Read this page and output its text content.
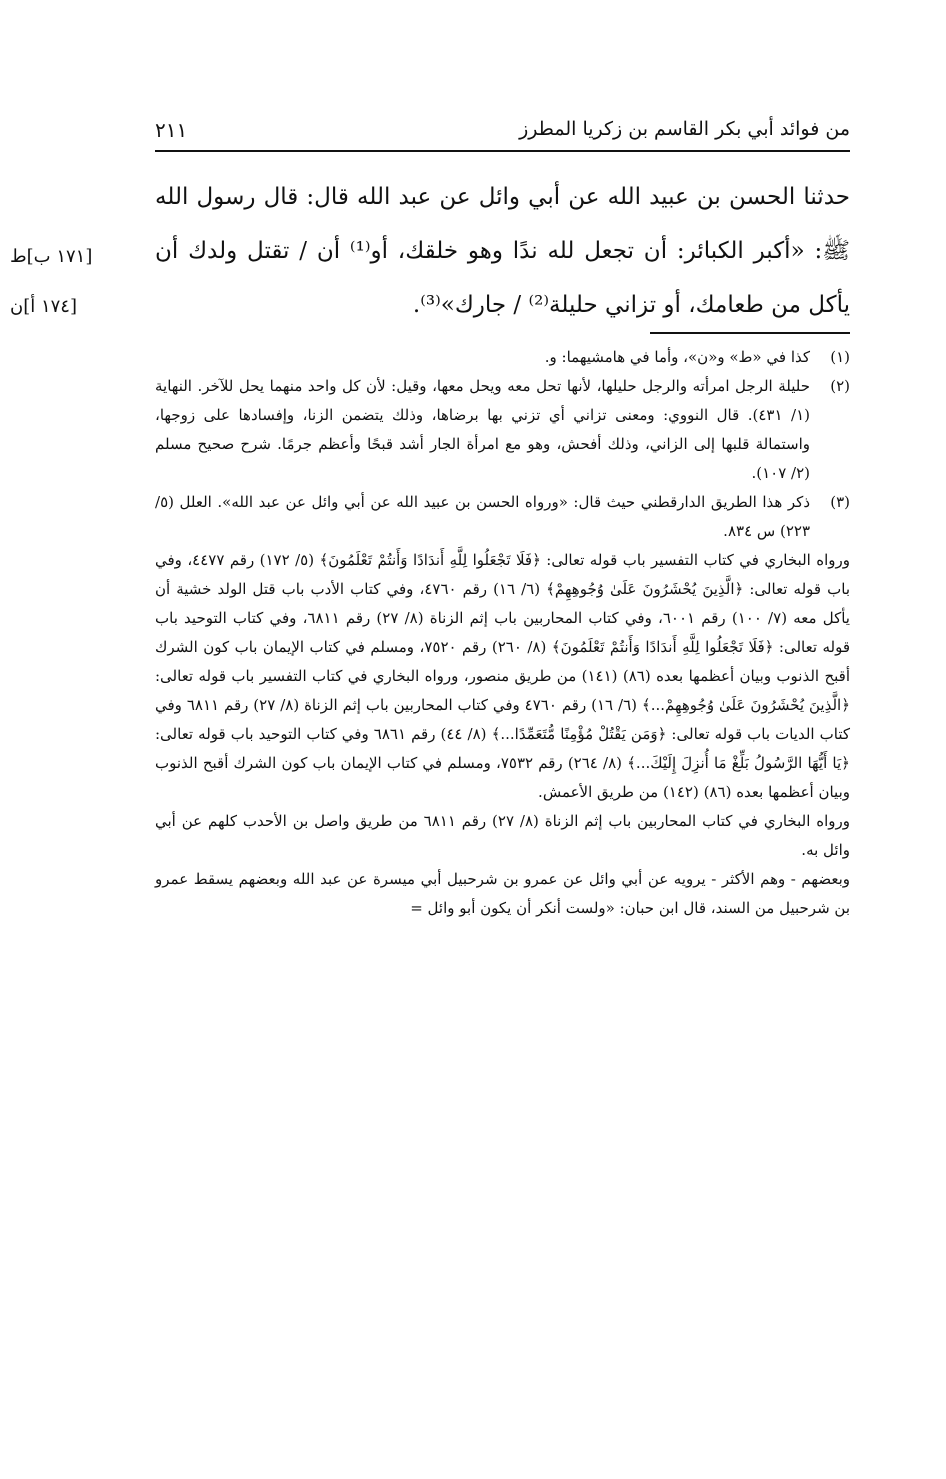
من فوائد أبي بكر القاسم بن زكريا المطرز
٢١١

حدثنا الحسن بن عبيد الله عن أبي وائل عن عبد الله قال: قال رسول الله ﷺ: «أكبر الكبائر: أن تجعل لله ندًا وهو خلقك، أو⁽¹⁾ أن / تقتل ولدك أن يأكل من طعامك، أو تزاني حليلة⁽²⁾ / جارك»⁽³⁾.

[١٧١ ب]ط
[١٧٤ أ]ن
(١)
كذا في «ط» و«ن»، وأما في هامشيهما: و.
(٢)
حليلة الرجل امرأته والرجل حليلها، لأنها تحل معه ويحل معها، وقيل: لأن كل واحد منهما يحل للآخر. النهاية (١/ ٤٣١). قال النووي: ومعنى تزاني أي تزني بها برضاها، وذلك يتضمن الزنا، وإفسادها على زوجها، واستمالة قلبها إلى الزاني، وذلك أفحش، وهو مع امرأة الجار أشد قبحًا وأعظم جرمًا. شرح صحيح مسلم (٢/ ١٠٧).
(٣)
ذكر هذا الطريق الدارقطني حيث قال: «ورواه الحسن بن عبيد الله عن أبي وائل عن عبد الله». العلل (٥/ ٢٢٣) س ٨٣٤.

ورواه البخاري في كتاب التفسير باب قوله تعالى: ﴿فَلَا تَجْعَلُوا لِلَّهِ أَندَادًا وَأَنتُمْ تَعْلَمُونَ﴾ (٥/ ١٧٢) رقم ٤٤٧٧، وفي باب قوله تعالى: ﴿الَّذِينَ يُحْشَرُونَ عَلَىٰ وُجُوهِهِمْ﴾ (٦/ ١٦) رقم ٤٧٦٠، وفي كتاب الأدب باب قتل الولد خشية أن يأكل معه (٧/ ١٠٠) رقم ٦٠٠١، وفي كتاب المحاربين باب إثم الزناة (٨/ ٢٧) رقم ٦٨١١، وفي كتاب التوحيد باب قوله تعالى: ﴿فَلَا تَجْعَلُوا لِلَّهِ أَندَادًا وَأَنتُمْ تَعْلَمُونَ﴾ (٨/ ٢٦٠) رقم ٧٥٢٠، ومسلم في كتاب الإيمان باب كون الشرك أقبح الذنوب وبيان أعظمها بعده (٨٦) (١٤١) من طريق منصور، ورواه البخاري في كتاب التفسير باب قوله تعالى: ﴿الَّذِينَ يُحْشَرُونَ عَلَىٰ وُجُوهِهِمْ...﴾ (٦/ ١٦) رقم ٤٧٦٠ وفي كتاب المحاربين باب إثم الزناة (٨/ ٢٧) رقم ٦٨١١ وفي كتاب الديات باب قوله تعالى: ﴿وَمَن يَقْتُلْ مُؤْمِنًا مُّتَعَمِّدًا...﴾ (٨/ ٤٤) رقم ٦٨٦١ وفي كتاب التوحيد باب قوله تعالى: ﴿يَا أَيُّهَا الرَّسُولُ بَلِّغْ مَا أُنزِلَ إِلَيْكَ...﴾ (٨/ ٢٦٤) رقم ٧٥٣٢، ومسلم في كتاب الإيمان باب كون الشرك أقبح الذنوب وبيان أعظمها بعده (٨٦) (١٤٢) من طريق الأعمش.

ورواه البخاري في كتاب المحاربين باب إثم الزناة (٨/ ٢٧) رقم ٦٨١١ من طريق واصل بن الأحدب كلهم عن أبي وائل به.

وبعضهم - وهم الأكثر - يرويه عن أبي وائل عن عمرو بن شرحبيل أبي ميسرة عن عبد الله وبعضهم يسقط عمرو بن شرحبيل من السند، قال ابن حبان: «ولست أنكر أن يكون أبو وائل =
